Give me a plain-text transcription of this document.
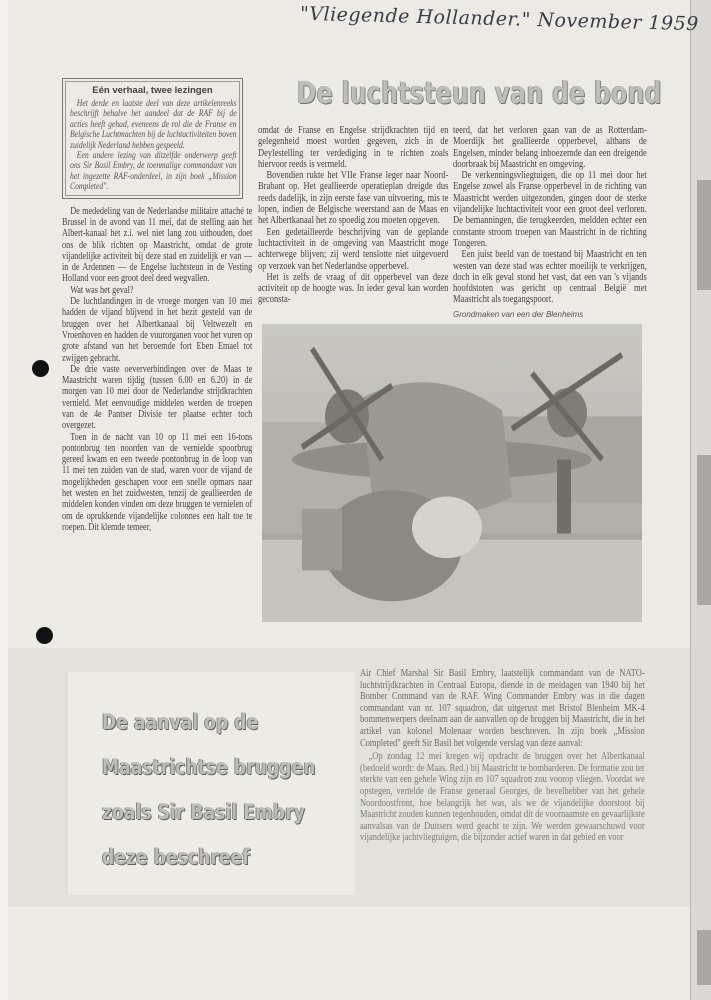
"Vliegende Hollander." November 1959
De luchtsteun van de bond
Eén verhaal, twee lezingen

Het derde en laatste deel van deze artikelenreeks beschrijft behalve het aandeel dat de RAF bij de acties heeft gehad, eveneens de rol die de Franse en Belgische Luchtmachten bij de luchtactiviteiten boven zuidelijk Nederland hebben gespeeld.

Een andere lezing van ditzelfde onderwerp geeft ons Sir Basil Embry, de toenmalige commandant van het ingezette RAF-onderdeel, in zijn boek „Mission Completed".

De mededeling van de Nederlandse militaire attaché te Brussel in de avond van 11 mei, dat de stelling aan het Albert-kanaal het z.i. wel niet lang zou uithouden, doet ons de blik richten op Maastricht, omdat de grote vijandelijke activiteit bij deze stad en zuidelijk er van — in de Ardennen — de Engelse luchtsteun in de Vesting Holland voor een groot deel deed wegvallen.

Wat was het geval?

De luchtlandingen in de vroege morgen van 10 mei hadden de vijand blijvend in het bezit gesteld van de bruggen over het Albertkanaal bij Veltwezelt en Vroenhoven en hadden de vuurorganen voor het vuren op grote afstand van het beroemde fort Eben Emael tot zwijgen gebracht.

De drie vaste oeververbindingen over de Maas te Maastricht waren tijdig (tussen 6.00 en 6.20) in de morgen van 10 mei door de Nederlandse strijdkrachten vernield. Met eenvoudige middelen werden de troepen van de 4e Pantser Divisie ter plaatse echter toch overgezet.

Toen in de nacht van 10 op 11 mei een 16-tons pontonbrug ten noorden van de vernielde spoorbrug gereed kwam en een tweede pontonbrug in de loop van 11 mei ten zuiden van de stad, waren voor de vijand de mogelijkheden geschapen voor een snelle opmars naar het westen en het zuidwesten, tenzij de geallieerden de middelen konden vinden om deze bruggen te vernielen of om de oprukkende vijandelijke colonnes een halt toe te roepen. Dit klemde temeer,

omdat de Franse en Engelse strijdkrachten tijd en gelegenheid moest worden gegeven, zich in de Deylestelling ter verdediging in te richten zoals hiervoor reeds is vermeld.

Bovendien rukte het VIIe Franse leger naar Noord-Brabant op. Het geallieerde operatieplan dreigde dus reeds dadelijk, in zijn eerste fase van uitvoering, mis te lopen, indien de Belgische weerstand aan de Maas en het Albertkanaal het zo spoedig zou moeten opgeven.

Een gedetailleerde beschrijving van de geplande luchtactiviteit in de omgeving van Maastricht moge achterwege blijven; zij werd tenslotte niet uitgevoerd op verzoek van het Nederlandse opperbevel.

Het is zelfs de vraag of dit opperbevel van deze activiteit op de hoogte was. In ieder geval kan worden geconsta-

teerd, dat het verloren gaan van de as Rotterdam-Moerdijk het geallieerde opperbevel, althans de Engelsen, minder belang inboezemde dan een dreigende doorbraak bij Maastricht en omgeving.

De verkenningsvliegtuigen, die op 11 mei door het Engelse zowel als Franse opperbevel in de richting van Maastricht werden uitgezonden, gingen door de sterke vijandelijke luchtactiviteit voor een groot deel verloren. De bemanningen, die terugkeerden, meldden echter een constante stroom troepen van Maastricht in de richting Tongeren.

Een juist beeld van de toestand bij Maastricht en ten westen van deze stad was echter moeilijk te verkrijgen, doch in elk geval stond het vast, dat een van 's vijands hoofdstoten was gericht op centraal België met Maastricht als toegangspoort.

Grondmaken van een der Blenheims
De aanval op de
Maastrichtse bruggen
zoals Sir Basil Embry
deze beschreef

Air Chief Marshal Sir Basil Embry, laatstelijk commandant van de NATO-luchtstrijdkrachten in Centraal Europa, diende in de meidagen van 1940 bij het Bomber Command van de RAF. Wing Commander Embry was in die dagen commandant van nr. 107 squadron, dat uitgerust met Bristol Blenheim MK-4 bommenwerpers deelnam aan de aanvallen op de bruggen bij Maastricht, die in het artikel van kolonel Molenaar worden beschreven. In zijn boek „Mission Completed" geeft Sir Basil het volgende verslag van deze aanval:

„Op zondag 12 mei kregen wij opdracht de bruggen over het Albertkanaal (bedoeld wordt: de Maas. Red.) bij Maastricht te bombarderen. De formatie zou ter sterkte van een gehele Wing zijn en 107 squadron zou voorop vliegen. Voordat we opstegen, vertelde de Franse generaal Georges, de bevelhebber van het gehele Noordoostfront, hoe belangrijk het was, als we de vijandelijke doorstoot bij Maastricht zouden kunnen tegenhouden, omdat dit de voornaamste en gevaarlijkste aanvalsas van de Duitsers werd geacht te zijn. We werden gewaarschuwd voor vijandelijke jachtvliegtuigen, die bijzonder actief waren in dat gebied en voor
